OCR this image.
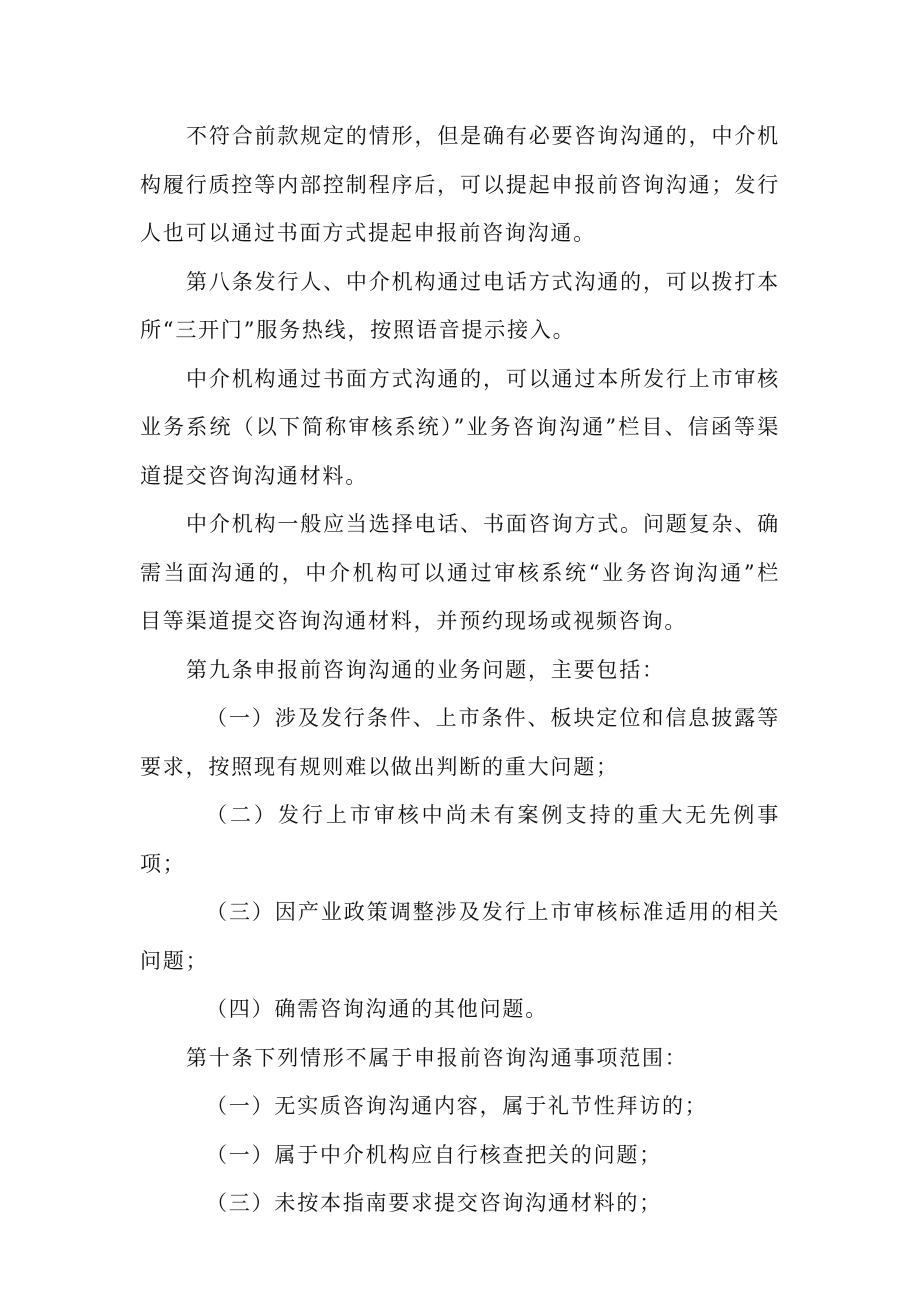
不符合前款规定的情形，但是确有必要咨询沟通的，中介机构履行质控等内部控制程序后，可以提起申报前咨询沟通；发行人也可以通过书面方式提起申报前咨询沟通。

第八条发行人、中介机构通过电话方式沟通的，可以拨打本所“三开门”服务热线，按照语音提示接入。

中介机构通过书面方式沟通的，可以通过本所发行上市审核业务系统（以下简称审核系统）”业务咨询沟通”栏目、信函等渠道提交咨询沟通材料。

中介机构一般应当选择电话、书面咨询方式。问题复杂、确需当面沟通的，中介机构可以通过审核系统“业务咨询沟通”栏目等渠道提交咨询沟通材料，并预约现场或视频咨询。

第九条申报前咨询沟通的业务问题，主要包括：

（一）涉及发行条件、上市条件、板块定位和信息披露等要求，按照现有规则难以做出判断的重大问题；

（二）发行上市审核中尚未有案例支持的重大无先例事项；

（三）因产业政策调整涉及发行上市审核标准适用的相关问题；

（四）确需咨询沟通的其他问题。

第十条下列情形不属于申报前咨询沟通事项范围：

（一）无实质咨询沟通内容，属于礼节性拜访的；

（一）属于中介机构应自行核查把关的问题；

（三）未按本指南要求提交咨询沟通材料的；
